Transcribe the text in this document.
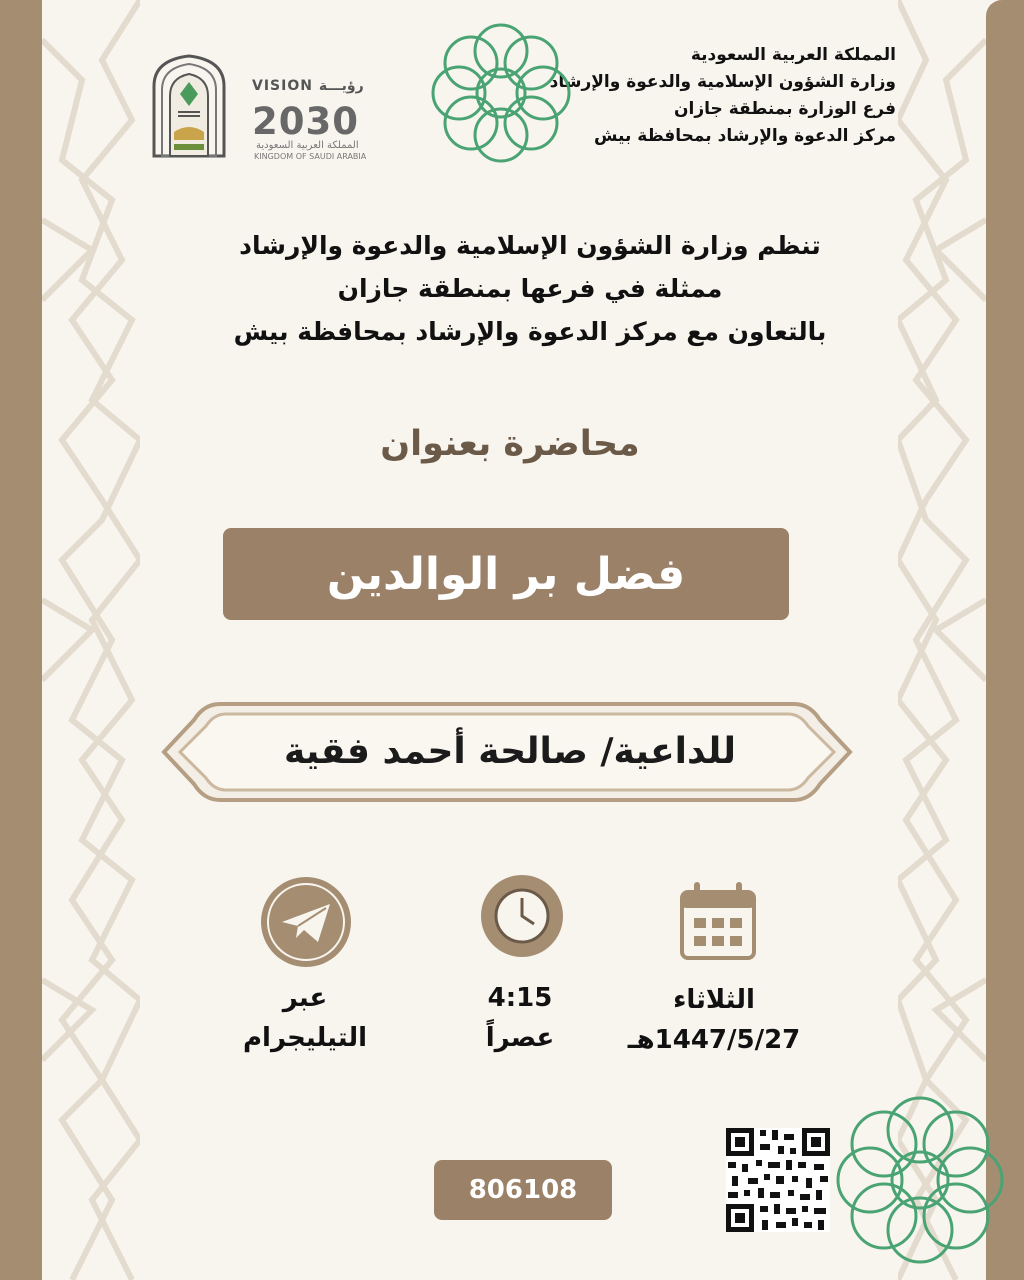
المملكة العربية السعودية
وزارة الشؤون الإسلامية والدعوة والإرشاد
فرع الوزارة بمنطقة جازان
مركز الدعوة والإرشاد بمحافظة بيش
VISION رؤيـــة
2030
المملكة العربية السعودية
KINGDOM OF SAUDI ARABIA
تنظم وزارة الشؤون الإسلامية والدعوة والإرشاد
ممثلة في فرعها بمنطقة جازان
بالتعاون مع مركز الدعوة والإرشاد بمحافظة بيش
محاضرة بعنوان
فضل بر الوالدين
للداعية/ صالحة أحمد فقية
الثلاثاء
1447/5/27هـ
4:15
عصراً
عبر
التيليجرام
806108
